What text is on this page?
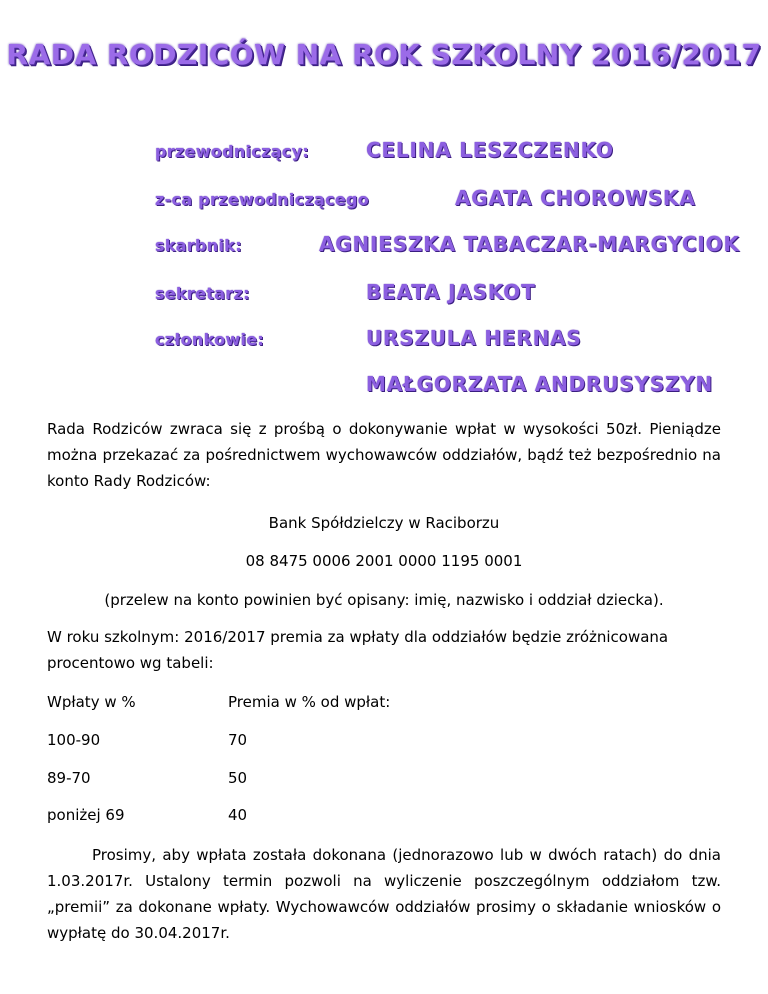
RADA RODZICÓW NA ROK SZKOLNY 2016/2017
przewodniczący:	CELINA LESZCZENKO
z-ca przewodniczącego	AGATA CHOROWSKA
skarbnik:	AGNIESZKA TABACZAR-MARGYCIOK
sekretarz:	BEATA JASKOT
członkowie:	URSZULA HERNAS
MAŁGORZATA ANDRUSYSZYN
Rada Rodziców zwraca się z prośbą o dokonywanie wpłat w wysokości 50zł. Pieniądze można przekazać za pośrednictwem wychowawców oddziałów, bądź też bezpośrednio na konto Rady Rodziców:
Bank Spółdzielczy w Raciborzu
08 8475 0006 2001 0000 1195 0001
(przelew na konto powinien być opisany: imię, nazwisko i oddział dziecka).
W roku szkolnym: 2016/2017 premia za wpłaty dla oddziałów będzie zróżnicowana procentowo wg tabeli:
Wpłaty w %	Premia w % od wpłat:
100-90	70
89-70	50
poniżej 69	40
Prosimy, aby wpłata została dokonana (jednorazowo lub w dwóch ratach) do dnia 1.03.2017r. Ustalony termin pozwoli na wyliczenie poszczególnym oddziałom tzw. „premii” za dokonane wpłaty. Wychowawców oddziałów prosimy o składanie wniosków o wypłatę do 30.04.2017r.
